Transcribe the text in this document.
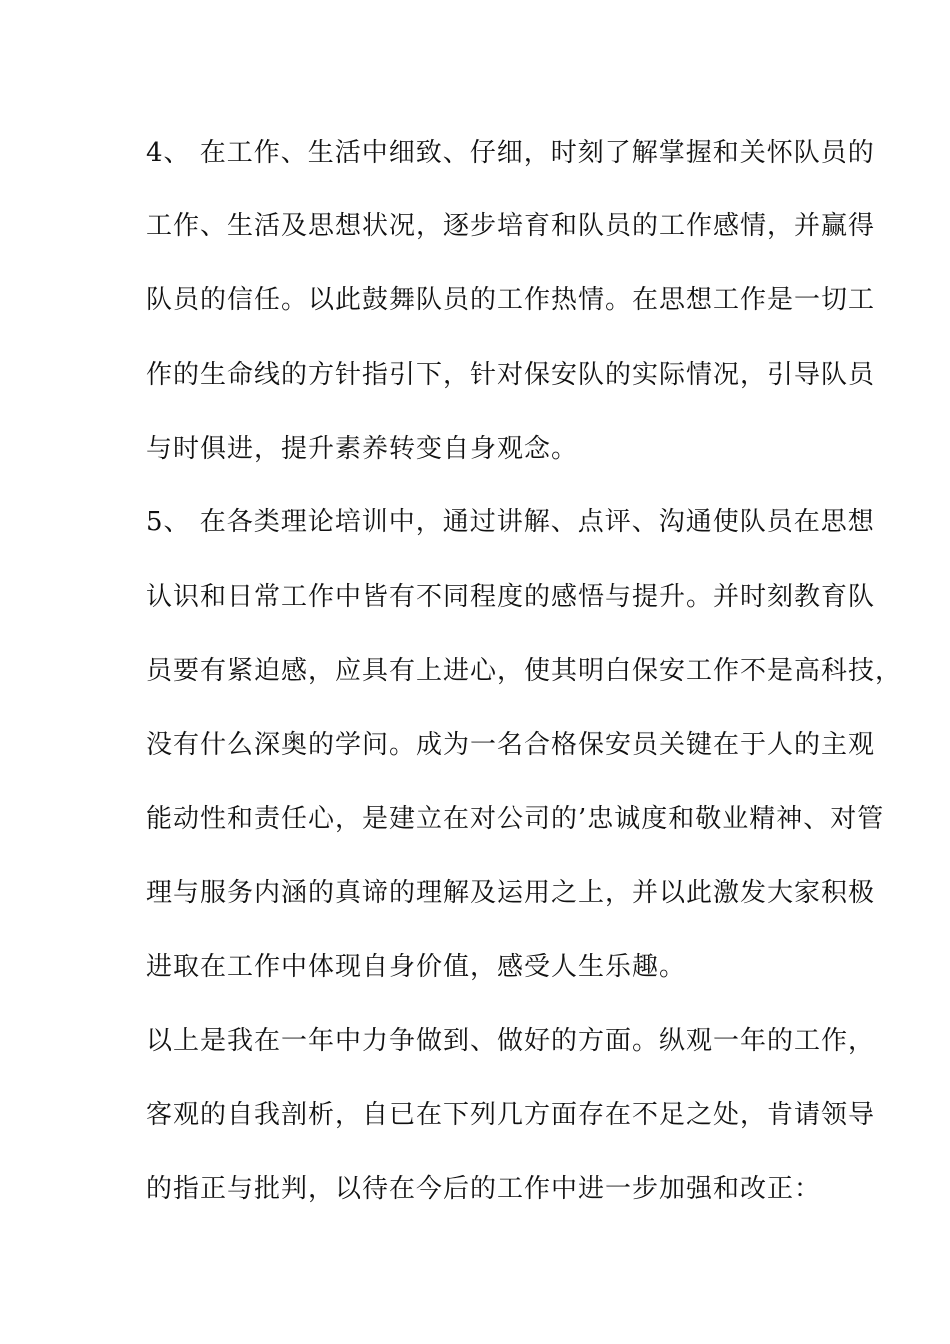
4、 在工作、生活中细致、仔细，时刻了解掌握和关怀队员的
工作、生活及思想状况，逐步培育和队员的工作感情，并赢得
队员的信任。以此鼓舞队员的工作热情。在思想工作是一切工
作的生命线的方针指引下，针对保安队的实际情况，引导队员
与时俱进，提升素养转变自身观念。
5、 在各类理论培训中，通过讲解、点评、沟通使队员在思想
认识和日常工作中皆有不同程度的感悟与提升。并时刻教育队
员要有紧迫感，应具有上进心，使其明白保安工作不是高科技，
没有什么深奥的学问。成为一名合格保安员关键在于人的主观
能动性和责任心，是建立在对公司的’忠诚度和敬业精神、对管
理与服务内涵的真谛的理解及运用之上，并以此激发大家积极
进取在工作中体现自身价值，感受人生乐趣。
以上是我在一年中力争做到、做好的方面。纵观一年的工作，
客观的自我剖析，自已在下列几方面存在不足之处，肯请领导
的指正与批判，以待在今后的工作中进一步加强和改正：
